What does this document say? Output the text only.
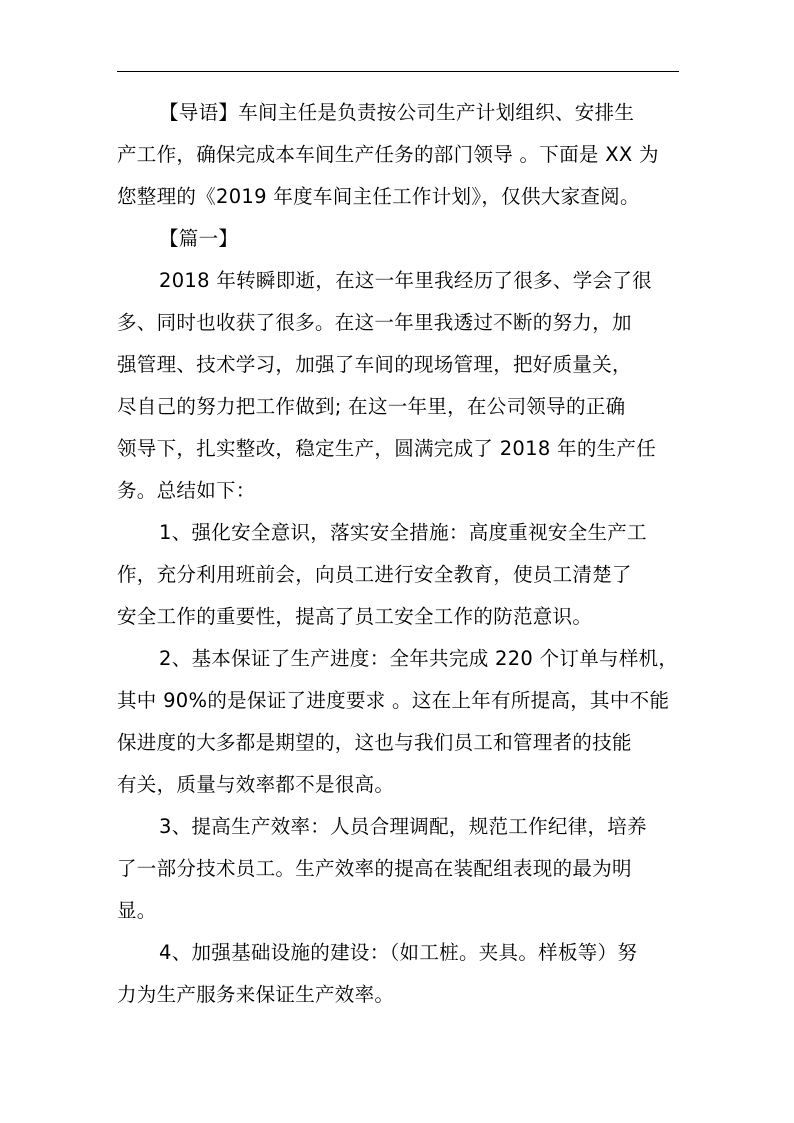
【导语】车间主任是负责按公司生产计划组织、安排生
产工作，确保完成本车间生产任务的部门领导 。下面是 XX 为
您整理的《2019 年度车间主任工作计划》，仅供大家查阅。
【篇一】
2018 年转瞬即逝，在这一年里我经历了很多、学会了很
多、同时也收获了很多。在这一年里我透过不断的努力，加
强管理、技术学习，加强了车间的现场管理，把好质量关，
尽自己的努力把工作做到; 在这一年里，在公司领导的正确
领导下，扎实整改，稳定生产，圆满完成了 2018 年的生产任
务。总结如下：
1、强化安全意识，落实安全措施：高度重视安全生产工
作，充分利用班前会，向员工进行安全教育，使员工清楚了
安全工作的重要性，提高了员工安全工作的防范意识。
2、基本保证了生产进度：全年共完成 220 个订单与样机，
其中 90%的是保证了进度要求 。这在上年有所提高，其中不能
保进度的大多都是期望的，这也与我们员工和管理者的技能
有关，质量与效率都不是很高。
3、提高生产效率：人员合理调配，规范工作纪律，培养
了一部分技术员工。生产效率的提高在装配组表现的最为明
显。
4、加强基础设施的建设：（如工桩。夹具。样板等）努
力为生产服务来保证生产效率。
